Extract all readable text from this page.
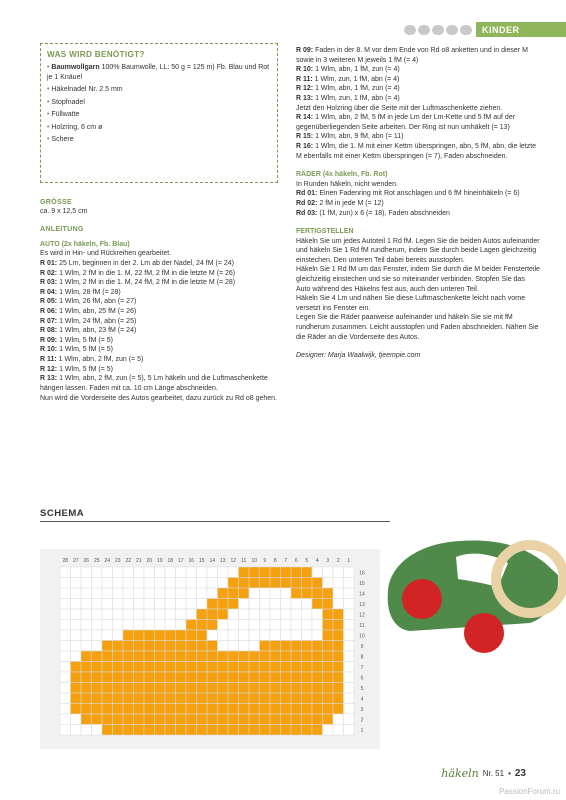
KINDER
WAS WIRD BENÖTIGT?
• Baumwollgarn 100% Baumwolle, LL: 50 g = 125 m) Fb. Blau und Rot je 1 Knäuel
• Häkelnadel Nr. 2.5 mm
• Stopfnadel
• Füllwatte
• Holzring, 6 cm ø
• Schere

GRÖSSE

ca. 9 x 12,5 cm

ANLEITUNG

AUTO (2x häkeln, Fb. Blau)

Es wird in Hin- und Rückreihen gearbeitet.

R 01: 25 Lm, beginnen in der 2. Lm ab der Nadel, 24 fM (= 24)

R 02: 1 Wlm, 2 fM in die 1. M, 22 fM, 2 fM in die letzte M (= 26)

R 03: 1 Wlm, 2 fM in die 1. M, 24 fM, 2 fM in die letzte M (= 28)

R 04: 1 Wlm, 28 fM (= 28)

R 05: 1 Wlm, 26 fM, abn (= 27)

R 06: 1 Wlm, abn, 25 fM (= 26)

R 07: 1 Wlm, 24 fM, abn (= 25)

R 08: 1 Wlm, abn, 23 fM (= 24)

R 09: 1 Wlm, 5 fM (= 5)

R 10: 1 Wlm, 5 fM (= 5)

R 11: 1 Wlm, abn, 2 fM, zun (= 5)

R 12: 1 Wlm, 5 fM (= 5)

R 13: 1 Wlm, abn, 2 fM, zun (= 5), 5 Lm häkeln und die Luftmaschenkette hängen lassen. Faden mit ca. 10 cm Länge abschneiden.

Nun wird die Vorderseite des Autos gearbeitet, dazu zurück zu Rd o8 gehen.

R 09: Faden in der 8. M vor dem Ende von Rd o8 anketten und in dieser M sowie in 3 weiteren M jeweils 1 fM (= 4)

R 10: 1 Wlm, abn, 1 fM, zun (= 4)

R 11: 1 Wlm, zun, 1 fM, abn (= 4)

R 12: 1 Wlm, abn, 1 fM, zun (= 4)

R 13: 1 Wlm, zun, 1 fM, abn (= 4)

Jetzt den Holzring über die Seite mit der Luftmaschenkette ziehen.

R 14: 1 Wlm, abn, 2 fM, 5 fM in jede Lm der Lm-Kette und 5 fM auf der gegenüberliegenden Seite arbeiten. Der Ring ist nun umhäkelt (= 13)

R 15: 1 Wlm, abn, 9 fM, abn (= 11)

R 16: 1 Wlm, die 1. M mit einer Kettm überspringen, abn, 5 fM, abn, die letzte M ebenfalls mit einer Kettm überspringen (= 7), Faden abschneiden.

RÄDER (4x häkeln, Fb. Rot)

In Runden häkeln, nicht wenden.

Rd 01: Einen Fadenring mit Rot anschlagen und 6 fM hineinhäkeln (= 6)

Rd 02: 2 fM in jede M (= 12)

Rd 03: (1 fM, zun) x 6 (= 18), Faden abschneiden

FERTIGSTELLEN

Häkeln Sie um jedes Autoteil 1 Rd fM. Legen Sie die beiden Autos aufeinander und häkeln Sie 1 Rd fM rundherum, indem Sie durch beide Lagen gleichzeitig einstechen. Den unteren Teil dabei bereits ausstopfen.

Häkeln Sie 1 Rd fM um das Fenster, indem Sie durch die M beider Fensterteile gleichzeitig einstechen und sie so miteinander verbinden. Stopfen Sie das Auto während des Häkelns fest aus, auch den unteren Teil.

Häkeln Sie 4 Lm und nähen Sie diese Luftmaschenkette leicht nach vorne versetzt ins Fenster ein.

Legen Sie die Räder paarweise aufeinander und häkeln Sie sie mit fM rundherum zusammen. Leicht ausstopfen und Faden abschneiden. Nähen Sie die Räder an die Vorderseite des Autos.

Designer: Marja Waalwijk, tjeempie.com

SCHEMA
28 27 26 25 24 23 22 21 20 19 18 17 16 15 14 13 12 11 10 9 8 7 6 5 4 3 2 1
16
15
14
13
12
11
10
9
8
7
6
5
4
3
2
1
häkeln Nr. 51 • 23
PassionForum.ru
